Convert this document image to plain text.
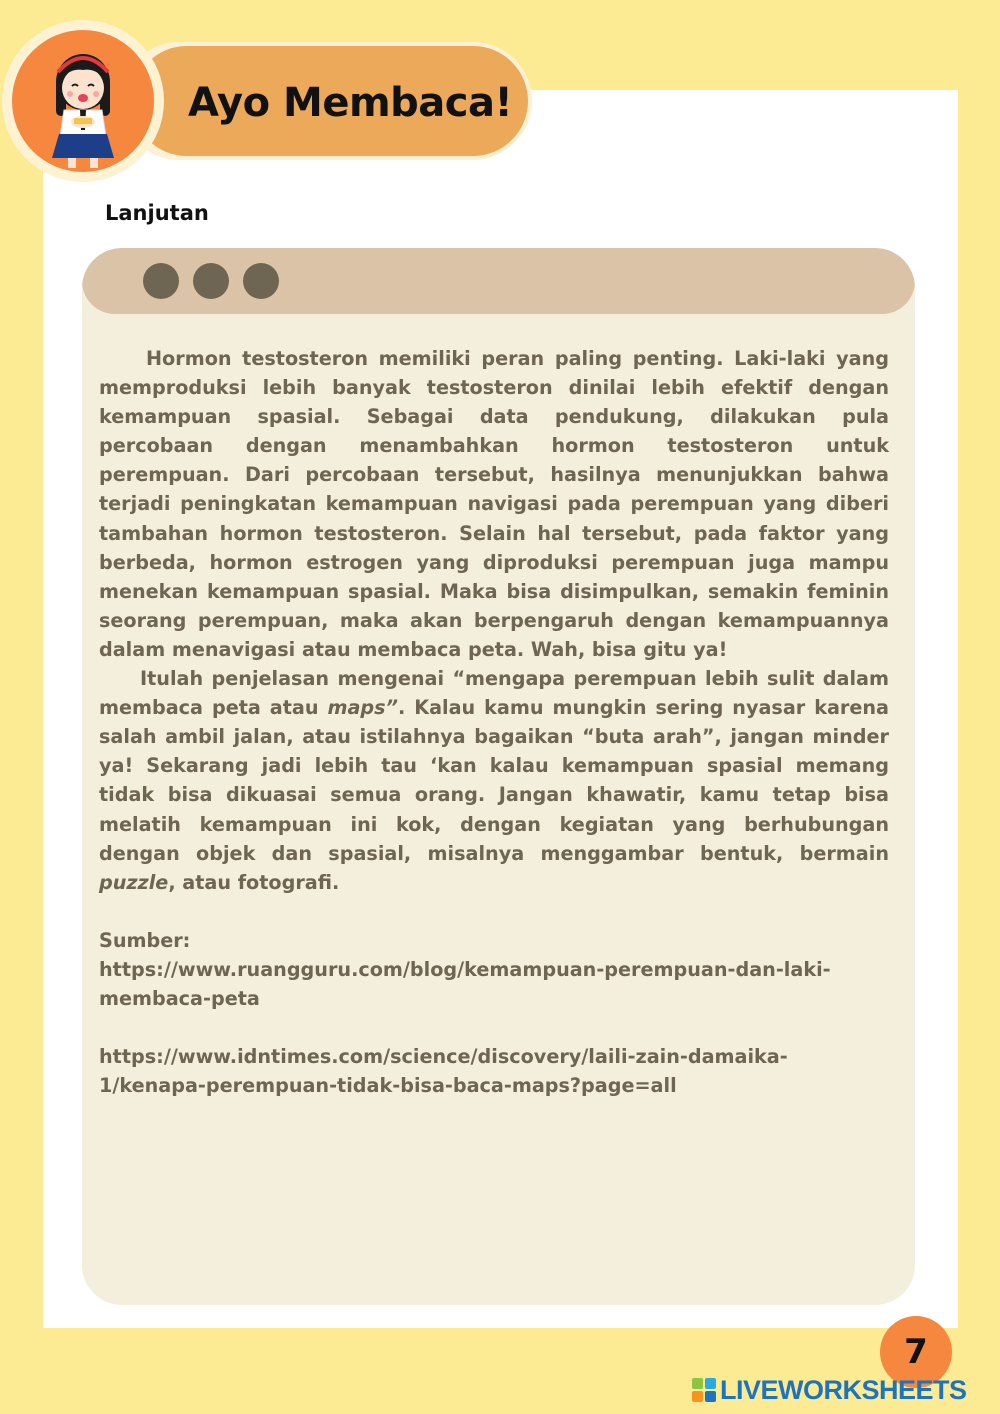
Ayo Membaca!
Lanjutan

Hormon testosteron memiliki peran paling penting. Laki-laki yang memproduksi lebih banyak testosteron dinilai lebih efektif dengan kemampuan spasial. Sebagai data pendukung, dilakukan pula percobaan dengan menambahkan hormon testosteron untuk perempuan. Dari percobaan tersebut, hasilnya menunjukkan bahwa terjadi peningkatan kemampuan navigasi pada perempuan yang diberi tambahan hormon testosteron. Selain hal tersebut, pada faktor yang berbeda, hormon estrogen yang diproduksi perempuan juga mampu menekan kemampuan spasial. Maka bisa disimpulkan, semakin feminin seorang perempuan, maka akan berpengaruh dengan kemampuannya dalam menavigasi atau membaca peta. Wah, bisa gitu ya!

Itulah penjelasan mengenai “mengapa perempuan lebih sulit dalam membaca peta atau maps”. Kalau kamu mungkin sering nyasar karena salah ambil jalan, atau istilahnya bagaikan “buta arah”, jangan minder ya! Sekarang jadi lebih tau ‘kan kalau kemampuan spasial memang tidak bisa dikuasai semua orang. Jangan khawatir, kamu tetap bisa melatih kemampuan ini kok, dengan kegiatan yang berhubungan dengan objek dan spasial, misalnya menggambar bentuk, bermain puzzle, atau fotografi.

Sumber:
https://www.ruangguru.com/blog/kemampuan-perempuan-dan-laki-membaca-peta

https://www.idntimes.com/science/discovery/laili-zain-damaika-1/kenapa-perempuan-tidak-bisa-baca-maps?page=all

7
LIVEWORKSHEETS
